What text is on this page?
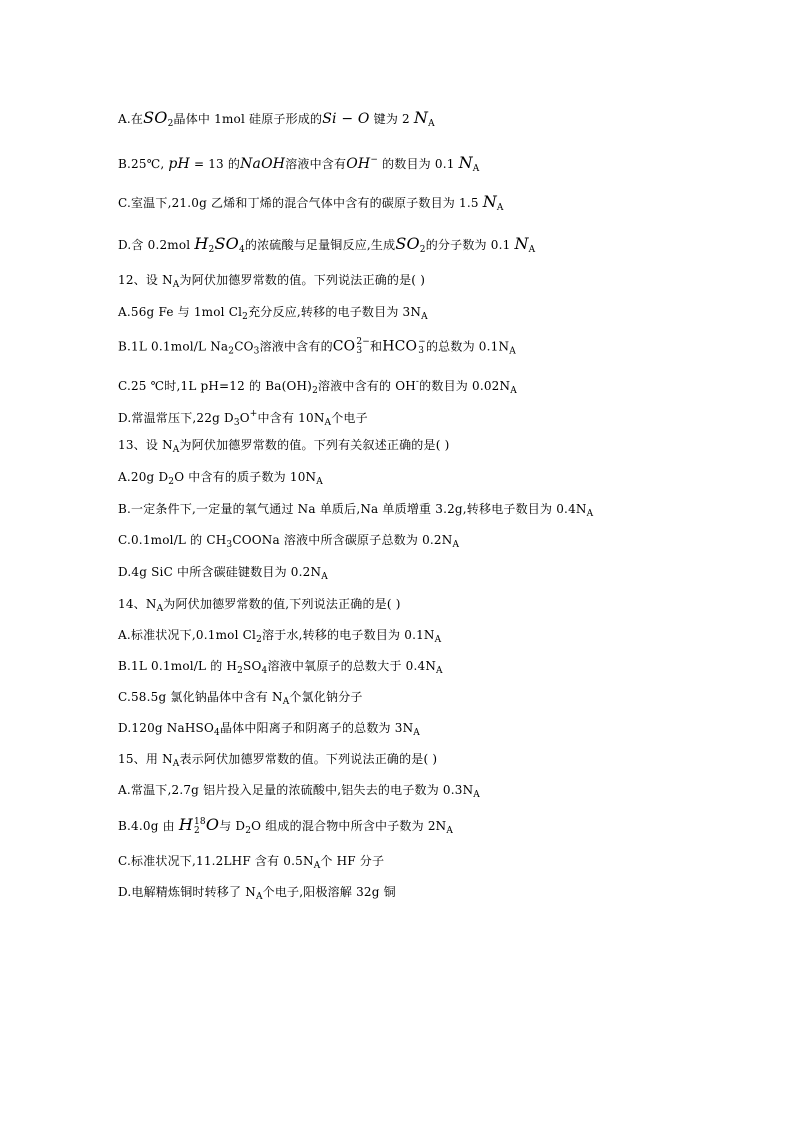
A.在$SO_2$晶体中 1mol 硅原子形成的Si − O 键为 2 $N_A$
B.25℃, pH = 13 的NaOH溶液中含有OH− 的数目为 0.1 $N_A$
C.室温下,21.0g 乙烯和丁烯的混合气体中含有的碳原子数目为 1.5 $N_A$
D.含 0.2mol $H_2SO_4$的浓硫酸与足量铜反应,生成$SO_2$的分子数为 0.1 $N_A$
12、设 $N_A$为阿伏加德罗常数的值。下列说法正确的是( )
A.56g Fe 与 1mol $Cl_2$充分反应,转移的电子数目为 $3N_A$
B.1L 0.1mol/L $Na_2CO_3$溶液中含有的CO 2−
3 和HCO −
3 的总数为 $0.1N_A$
C.25 ℃时,1L pH=12 的 $Ba(OH)_2$溶液中含有的 OH-的数目为 $0.02N_A$
D.常温常压下,22g $D_3O^+$中含有 $10N_A$个电子
13、设 $N_A$为阿伏加德罗常数的值。下列有关叙述正确的是( )
A.20g $D_2O$ 中含有的质子数为 $10N_A$
B.一定条件下,一定量的氧气通过 Na 单质后,Na 单质增重 3.2g,转移电子数目为 $0.4N_A$
C.0.1mol/L 的 $CH_3COONa$ 溶液中所含碳原子总数为 $0.2N_A$
D.4g SiC 中所含碳硅键数目为 $0.2N_A$
14、$N_A$为阿伏加德罗常数的值,下列说法正确的是( )
A.标准状况下,0.1mol $Cl_2$溶于水,转移的电子数目为 $0.1N_A$
B.1L 0.1mol/L 的 $H_2SO_4$溶液中氧原子的总数大于 $0.4N_A$
C.58.5g 氯化钠晶体中含有 $N_A$个氯化钠分子
D.120g NaHSO$_4$晶体中阳离子和阴离子的总数为 $3N_A$
15、用 $N_A$表示阿伏加德罗常数的值。下列说法正确的是( )
A.常温下,2.7g 铝片投入足量的浓硫酸中,铝失去的电子数为 $0.3N_A$
B.4.0g 由 H 18
2 O与 $D_2O$ 组成的混合物中所含中子数为 $2N_A$
C.标准状况下,11.2LHF 含有 $0.5N_A$个 HF 分子
D.电解精炼铜时转移了 $N_A$个电子,阳极溶解 32g 铜
